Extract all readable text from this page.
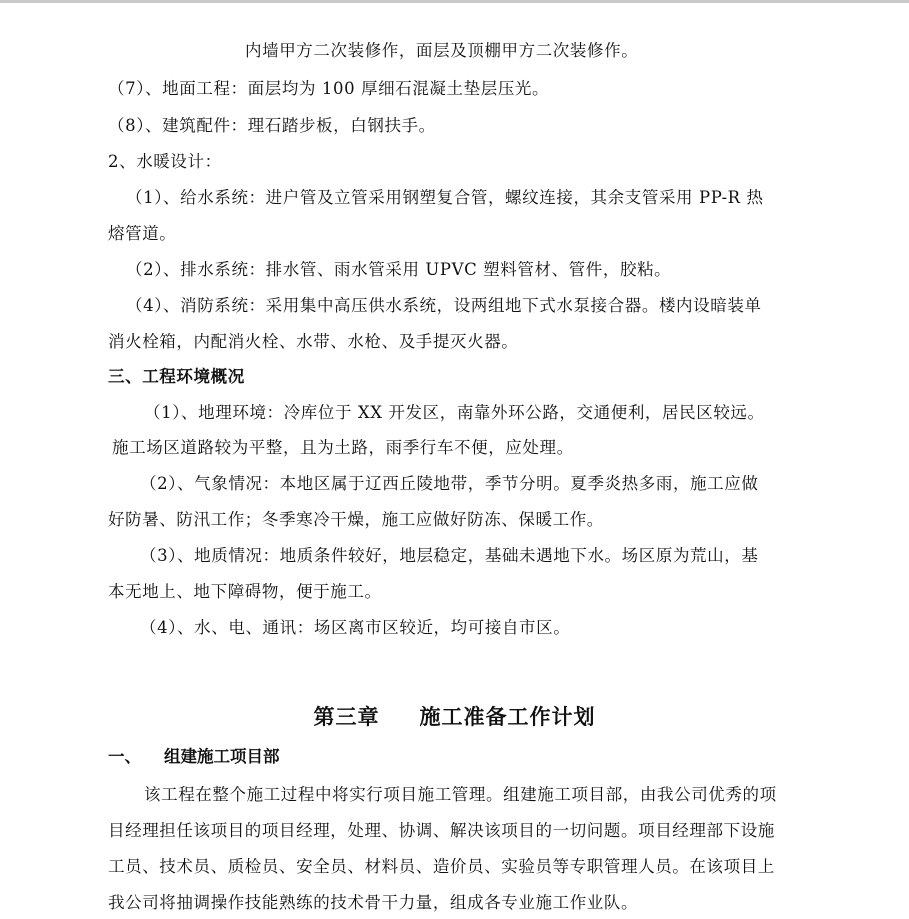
内墙甲方二次装修作，面层及顶棚甲方二次装修作。
（7）、地面工程：面层均为 100 厚细石混凝土垫层压光。
（8）、建筑配件：理石踏步板，白钢扶手。
2、水暖设计：
（1）、给水系统：进户管及立管采用钢塑复合管，螺纹连接，其余支管采用 PP-R 热
熔管道。
（2）、排水系统：排水管、雨水管采用 UPVC 塑料管材、管件，胶粘。
（4）、消防系统：采用集中高压供水系统，设两组地下式水泵接合器。楼内设暗装单
消火栓箱，内配消火栓、水带、水枪、及手提灭火器。
三、工程环境概况
（1）、地理环境：冷库位于 XX 开发区，南靠外环公路，交通便利，居民区较远。
施工场区道路较为平整，且为土路，雨季行车不便，应处理。
（2）、气象情况：本地区属于辽西丘陵地带，季节分明。夏季炎热多雨，施工应做
好防暑、防汛工作；冬季寒冷干燥，施工应做好防冻、保暖工作。
（3）、地质情况：地质条件较好，地层稳定，基础未遇地下水。场区原为荒山，基
本无地上、地下障碍物，便于施工。
（4）、水、电、通讯：场区离市区较近，均可接自市区。
第三章 施工准备工作计划
一、 组建施工项目部
该工程在整个施工过程中将实行项目施工管理。组建施工项目部，由我公司优秀的项
目经理担任该项目的项目经理，处理、协调、解决该项目的一切问题。项目经理部下设施
工员、技术员、质检员、安全员、材料员、造价员、实验员等专职管理人员。在该项目上
我公司将抽调操作技能熟练的技术骨干力量，组成各专业施工作业队。
